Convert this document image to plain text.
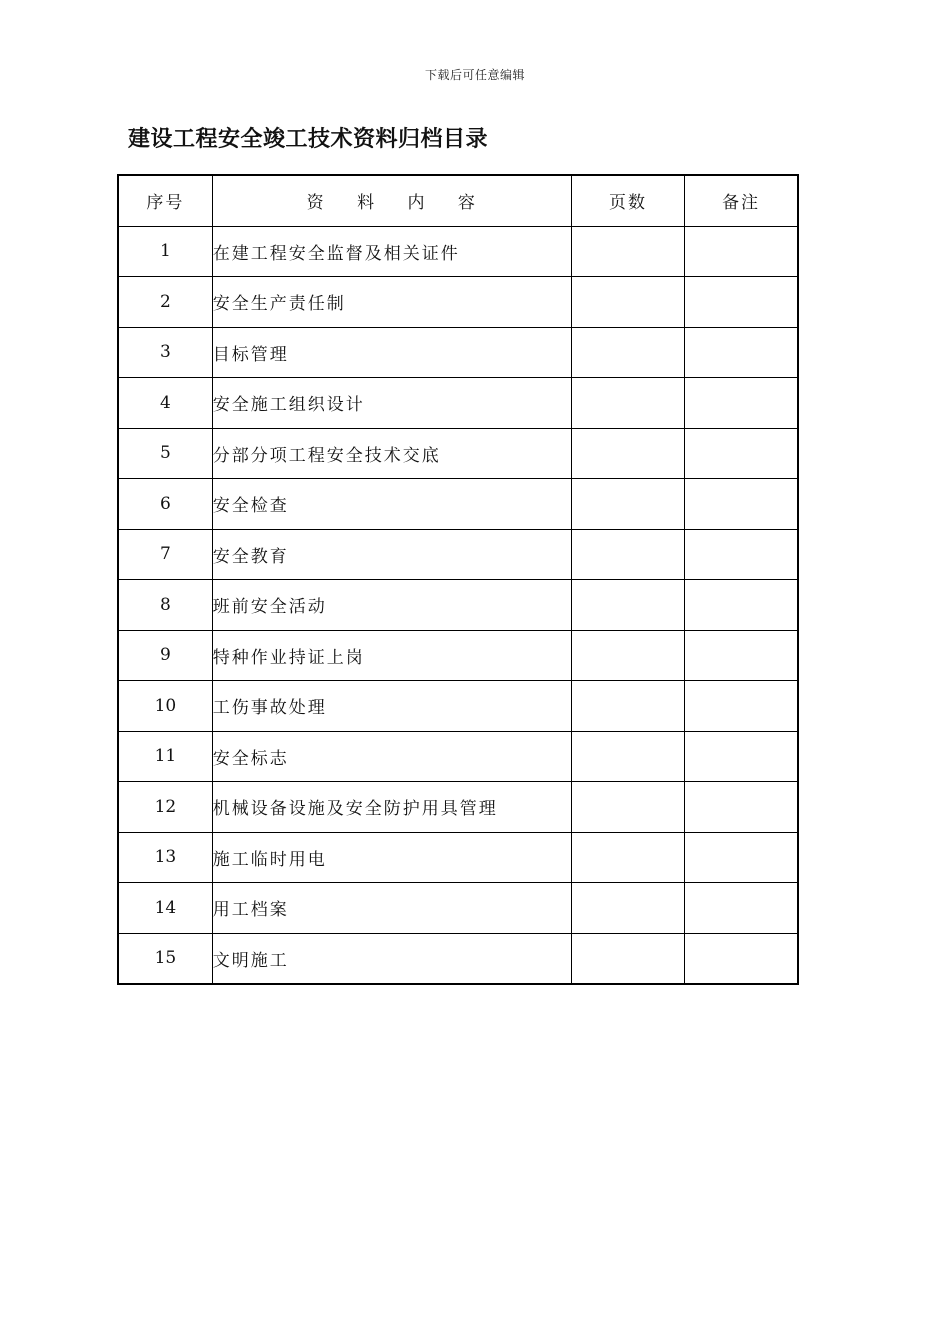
下载后可任意编辑
建设工程安全竣工技术资料归档目录
序号	资 料 内 容	页数	备注
1	在建工程安全监督及相关证件		
2	安全生产责任制		
3	目标管理		
4	安全施工组织设计		
5	分部分项工程安全技术交底		
6	安全检查		
7	安全教育		
8	班前安全活动		
9	特种作业持证上岗		
10	工伤事故处理		
11	安全标志		
12	机械设备设施及安全防护用具管理		
13	施工临时用电		
14	用工档案		
15	文明施工		
